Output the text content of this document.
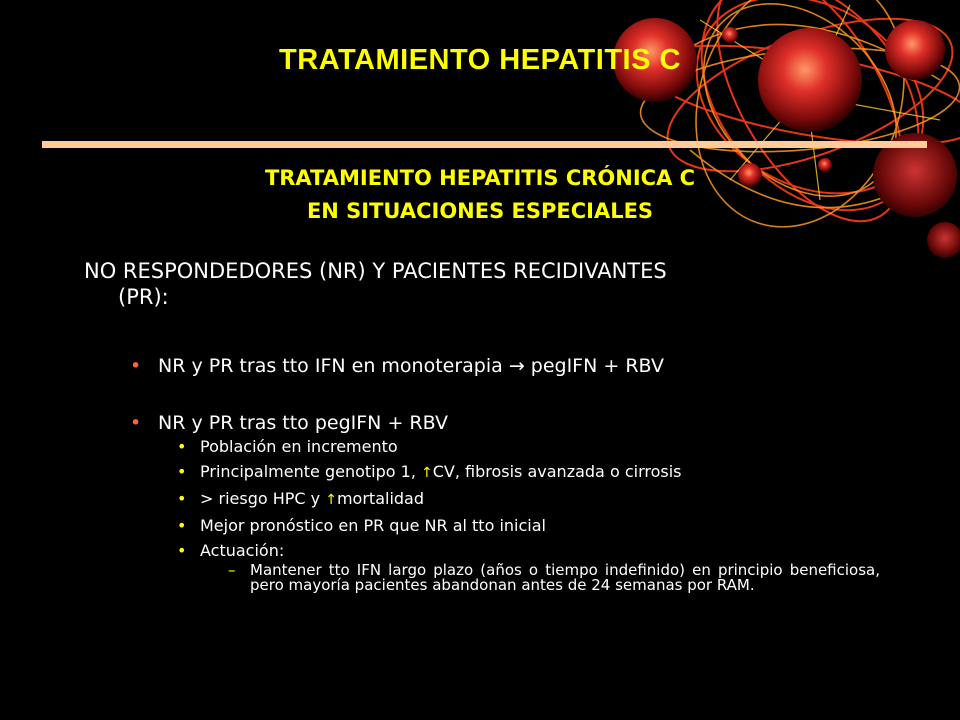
TRATAMIENTO HEPATITIS C

TRATAMIENTO HEPATITIS CRÓNICA C

EN SITUACIONES ESPECIALES

NO RESPONDEDORES (NR) Y PACIENTES RECIDIVANTES
(PR):

• NR y PR tras tto IFN en monoterapia → pegIFN + RBV

• NR y PR tras tto pegIFN + RBV

• Población en incremento

• Principalmente genotipo 1, ↑CV, fibrosis avanzada o cirrosis

• > riesgo HPC y ↑mortalidad

• Mejor pronóstico en PR que NR al tto inicial

• Actuación:

– Mantener tto IFN largo plazo (años o tiempo indefinido) en principio beneficiosa, pero mayoría pacientes abandonan antes de 24 semanas por RAM.
